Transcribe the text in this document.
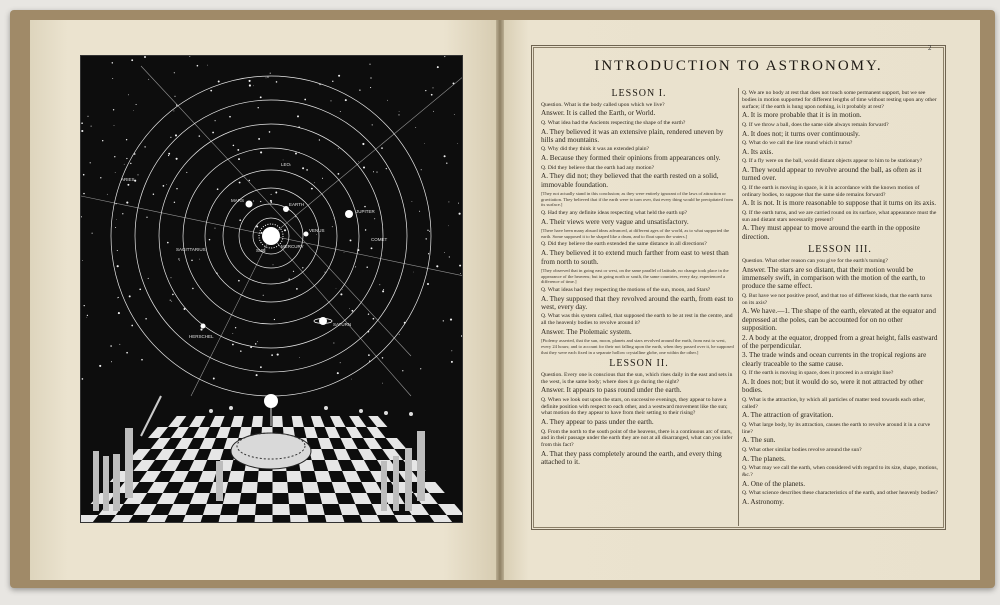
ARIES
LEO
SAGITTARIUS	SUN
EARTH
MARS
VENUS
JUPITER
SATURN
MERCURY
COMET
HERSCHEL
2
INTRODUCTION TO ASTRONOMY.
LESSON I.
Question. What is the body called upon which we live?
Answer. It is called the Earth, or World.
Q. What idea had the Ancients respecting the shape of the earth?
A. They believed it was an extensive plain, rendered uneven by hills and mountains.
Q. Why did they think it was an extended plain?
A. Because they formed their opinions from appearances only.
Q. Did they believe that the earth had any motion?
A. They did not; they believed that the earth rested on a solid, immovable foundation.
[They not actually stand in this conclusion; as they were entirely ignorant of the laws of attraction or gravitation. They believed that if the earth were to turn over, that every thing would be precipitated from its surface.]
Q. Had they any definite ideas respecting what held the earth up?
A. Their views were very vague and unsatisfactory.
[There have been many absurd ideas advanced, at different ages of the world, as to what supported the earth. Some supposed it to be shaped like a drum, and to float upon the waters.]
Q. Did they believe the earth extended the same distance in all directions?
A. They believed it to extend much farther from east to west than from north to south.
[They observed that in going east or west, on the same parallel of latitude, no change took place in the appearance of the heavens; but in going north or south, the same countries, every day, experienced a difference of time.]
Q. What ideas had they respecting the motions of the sun, moon, and Stars?
A. They supposed that they revolved around the earth, from east to west, every day.
Q. What was this system called, that supposed the earth to be at rest in the centre, and all the heavenly bodies to revolve around it?
Answer. The Ptolemaic system.
[Ptolemy asserted, that the sun, moon, planets and stars revolved around the earth, from east to west, every 24 hours; and to account for their not falling upon the earth, when they passed over it, he supposed that they were each fixed in a separate hollow crystalline globe, one within the other.]
LESSON II.
Question. Every one is conscious that the sun, which rises daily in the east and sets in the west, is the same body; where does it go during the night?
Answer. It appears to pass round under the earth.
Q. When we look out upon the stars, on successive evenings, they appear to have a definite position with respect to each other, and a westward movement like the sun; what motion do they appear to have from their setting to their rising?
A. They appear to pass under the earth.
Q. From the north to the south point of the heavens, there is a continuous arc of stars, and in their passage under the earth they are not at all disarranged, what can you infer from this fact?
A. That they pass completely around the earth, and every thing attached to it.
Q. We are no body at rest that does not touch some permanent support, but we see bodies in motion supported for different lengths of time without resting upon any other surface; if the earth is hung upon nothing, is it probably at rest?
A. It is more probable that it is in motion.
Q. If we throw a ball, does the same side always remain forward?
A. It does not; it turns over continuously.
Q. What do we call the line round which it turns?
A. Its axis.
Q. If a fly were on the ball, would distant objects appear to him to be stationary?
A. They would appear to revolve around the ball, as often as it turned over.
Q. If the earth is moving in space, is it in accordance with the known motion of ordinary bodies, to suppose that the same side remains forward?
A. It is not. It is more reasonable to suppose that it turns on its axis.
Q. If the earth turns, and we are carried round on its surface, what appearance must the sun and distant stars necessarily present?
A. They must appear to move around the earth in the opposite direction.
LESSON III.
Question. What other reason can you give for the earth's turning?
Answer. The stars are so distant, that their motion would be immensely swift, in comparison with the motion of the earth, to produce the same effect.
Q. But have we not positive proof, and that too of different kinds, that the earth turns on its axis?
A. We have.—1. The shape of the earth, elevated at the equator and depressed at the poles, can be accounted for on no other supposition.
2. A body at the equator, dropped from a great height, falls eastward of the perpendicular.
3. The trade winds and ocean currents in the tropical regions are clearly traceable to the same cause.
Q. If the earth is moving in space, does it proceed in a straight line?
A. It does not; but it would do so, were it not attracted by other bodies.
Q. What is the attraction, by which all particles of matter tend towards each other, called?
A. The attraction of gravitation.
Q. What large body, by its attraction, causes the earth to revolve around it in a curve line?
A. The sun.
Q. What other similar bodies revolve around the sun?
A. The planets.
Q. What may we call the earth, when considered with regard to its size, shape, motions, &c.?
A. One of the planets.
Q. What science describes these characteristics of the earth, and other heavenly bodies?
A. Astronomy.
